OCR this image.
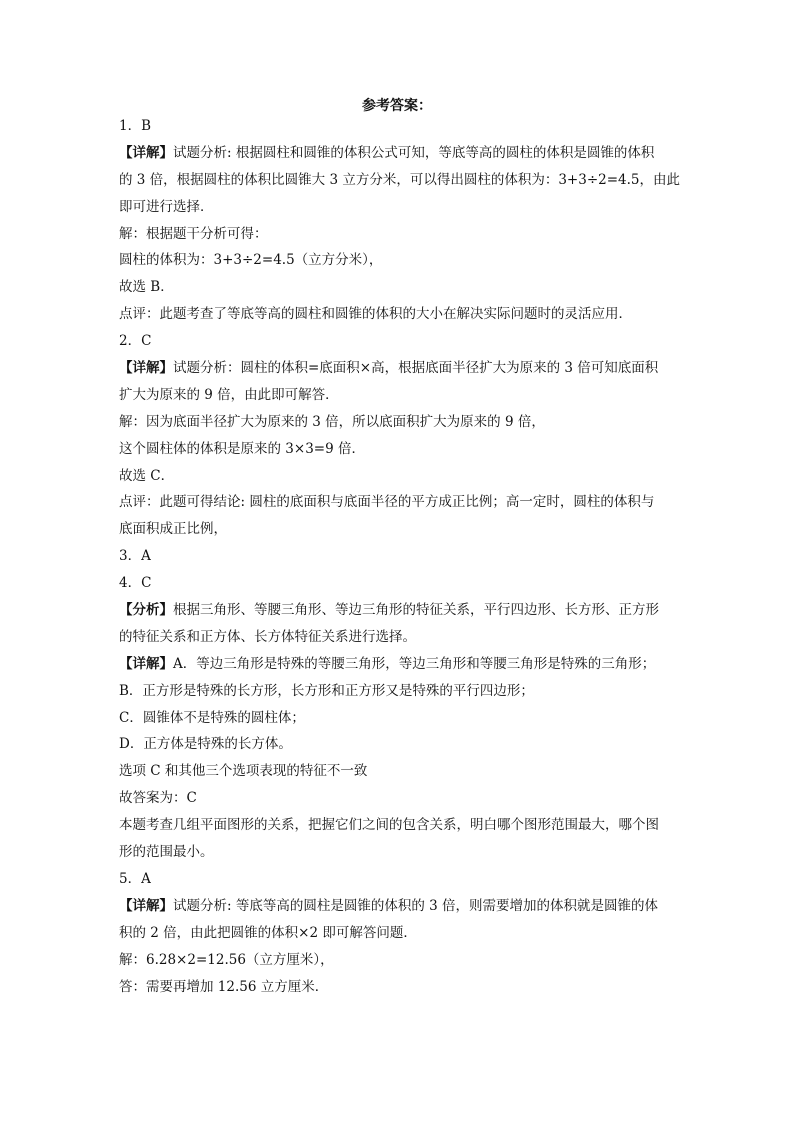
参考答案：
1．B
【详解】试题分析: 根据圆柱和圆锥的体积公式可知，等底等高的圆柱的体积是圆锥的体积
的 3 倍，根据圆柱的体积比圆锥大 3 立方分米，可以得出圆柱的体积为：3+3÷2=4.5，由此
即可进行选择．
解：根据题干分析可得：
圆柱的体积为：3+3÷2=4.5（立方分米），
故选 B．
点评：此题考查了等底等高的圆柱和圆锥的体积的大小在解决实际问题时的灵活应用．
2．C
【详解】试题分析：圆柱的体积=底面积×高，根据底面半径扩大为原来的 3 倍可知底面积
扩大为原来的 9 倍，由此即可解答．
解：因为底面半径扩大为原来的 3 倍，所以底面积扩大为原来的 9 倍，
这个圆柱体的体积是原来的 3×3=9 倍．
故选 C．
点评：此题可得结论: 圆柱的底面积与底面半径的平方成正比例；高一定时，圆柱的体积与
底面积成正比例，
3．A
4．C
【分析】根据三角形、等腰三角形、等边三角形的特征关系，平行四边形、长方形、正方形
的特征关系和正方体、长方体特征关系进行选择。
【详解】A．等边三角形是特殊的等腰三角形，等边三角形和等腰三角形是特殊的三角形；
B．正方形是特殊的长方形，长方形和正方形又是特殊的平行四边形；
C．圆锥体不是特殊的圆柱体；
D．正方体是特殊的长方体。
选项 C 和其他三个选项表现的特征不一致
故答案为：C
本题考查几组平面图形的关系，把握它们之间的包含关系，明白哪个图形范围最大，哪个图
形的范围最小。
5．A
【详解】试题分析: 等底等高的圆柱是圆锥的体积的 3 倍，则需要增加的体积就是圆锥的体
积的 2 倍，由此把圆锥的体积×2 即可解答问题．
解：6.28×2=12.56（立方厘米），
答：需要再增加 12.56 立方厘米．
